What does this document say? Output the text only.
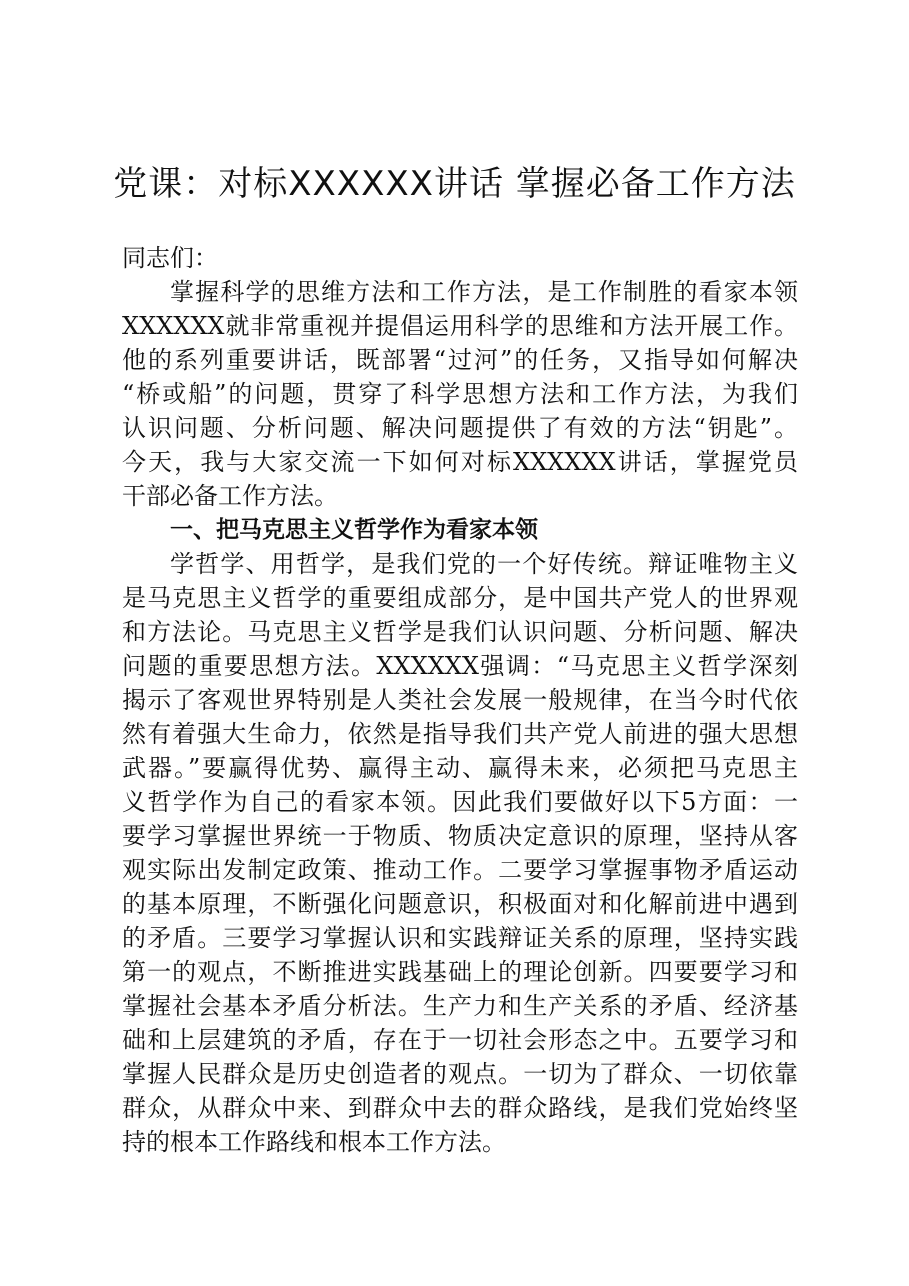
党课：对标XXXXXX讲话 掌握必备工作方法
同志们：
掌握科学的思维方法和工作方法，是工作制胜的看家本领
XXXXXX就非常重视并提倡运用科学的思维和方法开展工作。
他的系列重要讲话，既部署“过河”的任务，又指导如何解决
“桥或船”的问题，贯穿了科学思想方法和工作方法，为我们
认识问题、分析问题、解决问题提供了有效的方法“钥匙”。
今天，我与大家交流一下如何对标XXXXXX讲话，掌握党员
干部必备工作方法。
一、把马克思主义哲学作为看家本领
学哲学、用哲学，是我们党的一个好传统。辩证唯物主义
是马克思主义哲学的重要组成部分，是中国共产党人的世界观
和方法论。马克思主义哲学是我们认识问题、分析问题、解决
问题的重要思想方法。XXXXXX强调：“马克思主义哲学深刻
揭示了客观世界特别是人类社会发展一般规律，在当今时代依
然有着强大生命力，依然是指导我们共产党人前进的强大思想
武器。”要赢得优势、赢得主动、赢得未来，必须把马克思主
义哲学作为自己的看家本领。因此我们要做好以下5方面：一
要学习掌握世界统一于物质、物质决定意识的原理，坚持从客
观实际出发制定政策、推动工作。二要学习掌握事物矛盾运动
的基本原理，不断强化问题意识，积极面对和化解前进中遇到
的矛盾。三要学习掌握认识和实践辩证关系的原理，坚持实践
第一的观点，不断推进实践基础上的理论创新。四要要学习和
掌握社会基本矛盾分析法。生产力和生产关系的矛盾、经济基
础和上层建筑的矛盾，存在于一切社会形态之中。五要学习和
掌握人民群众是历史创造者的观点。一切为了群众、一切依靠
群众，从群众中来、到群众中去的群众路线，是我们党始终坚
持的根本工作路线和根本工作方法。
